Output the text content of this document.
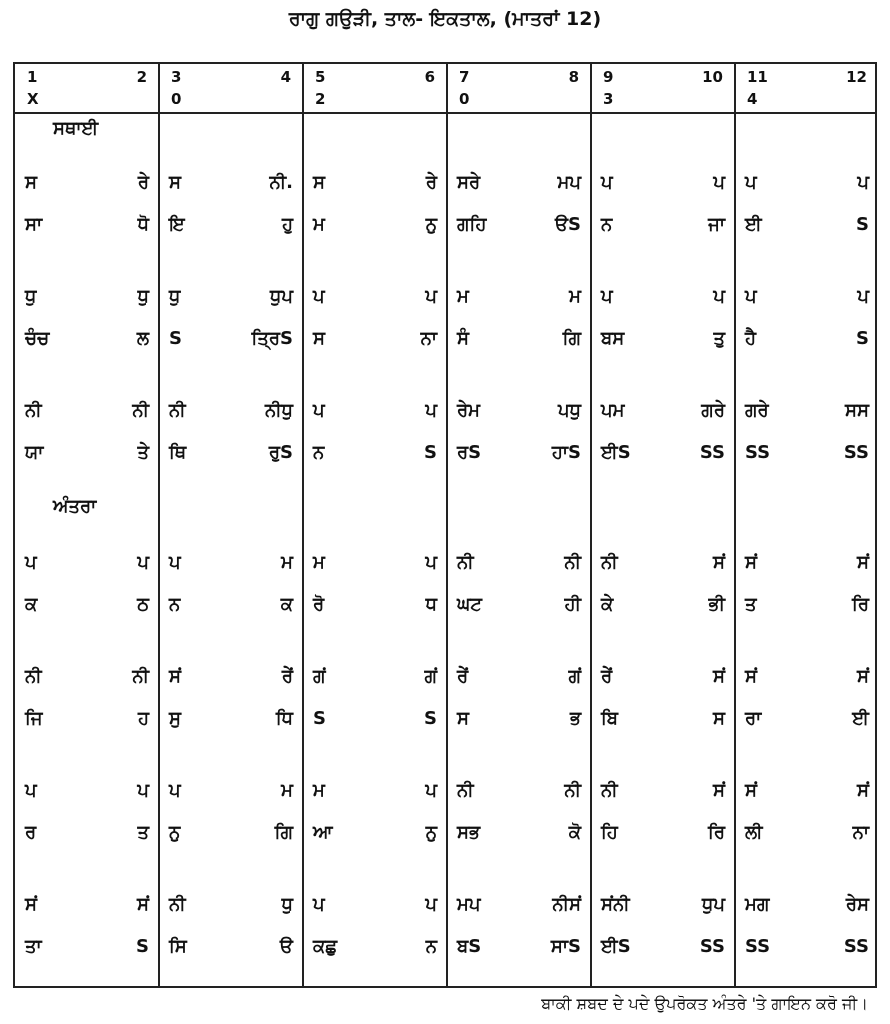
ਰਾਗੁ ਗਉੜੀ, ਤਾਲ- ਇਕਤਾਲ, (ਮਾਤਰਾਂ 12)
1	2 3	4 5	6 7	8 9	10 11	12
X	0	2	0	3	4
ਸਥਾਈ
ਸ	ਰੇ ਸ	ਨੀ. ਸ	ਰੇ ਸਰੇ	ਮਪ ਪ	ਪ ਪ	ਪ
ਸਾ	ਧੋ ਇ	ਹੁ ਮ	ਨੁ ਗਹਿ	ੳS ਨ	ਜਾ ਈ	S
ਧੁ	ਧੁ ਧੁ	ਧੁਪ ਪ	ਪ ਮ	ਮ ਪ	ਪ ਪ	ਪ
ਚੰਚ	ਲ S	ਤ੍ਰਿS ਸ	ਨਾ ਸੰ	ਗਿ ਬਸ	ਤੁ ਹੈ	S
ਨੀ	ਨੀ ਨੀ	ਨੀਧੁ ਪ	ਪ ਰੇਮ	ਪਧੁ ਪਮ	ਗਰੇ ਗਰੇ	ਸਸ
ਯਾ	ਤੇ ਥਿ	ਰੁS ਨ	S ਰS	ਹਾS ਈS	SS SS	SS
ਅੰਤਰਾ
ਪ	ਪ ਪ	ਮ ਮ	ਪ ਨੀ	ਨੀ ਨੀ	ਸਂ ਸਂ	ਸਂ
ਕ	ਠ ਨ	ਕ ਰੋ	ਧ ਘਟ	ਹੀ ਕੇ	ਭੀ ਤ	ਰਿ
ਨੀ	ਨੀ ਸਂ	ਰੇਂ ਗਂ	ਗਂ ਰੇਂ	ਗਂ ਰੇਂ	ਸਂ ਸਂ	ਸਂ
ਜਿ	ਹ ਸੁ	ਧਿ S	S ਸ	ਭ ਬਿ	ਸ ਰਾ	ਈ
ਪ	ਪ ਪ	ਮ ਮ	ਪ ਨੀ	ਨੀ ਨੀ	ਸਂ ਸਂ	ਸਂ
ਰ	ਤ ਨੁ	ਗਿ ਆ	ਨੁ ਸਭ	ਕੋ ਹਿ	ਰਿ ਲੀ	ਨਾ
ਸਂ	ਸਂ ਨੀ	ਧੁ ਪ	ਪ ਮਪ	ਨੀਸਂ ਸਂਨੀ	ਧੁਪ ਮਗ	ਰੇਸ
ਤਾ	S ਸਿ	ੳ ਕਛੁ	ਨ ਬS	ਸਾS ਈS	SS SS	SS
ਬਾਕੀ ਸ਼ਬਦ ਦੇ ਪਦੇ ਉਪਰੋਕਤ ਅੰਤਰੇ 'ਤੇ ਗਾਇਨ ਕਰੋ ਜੀ।
